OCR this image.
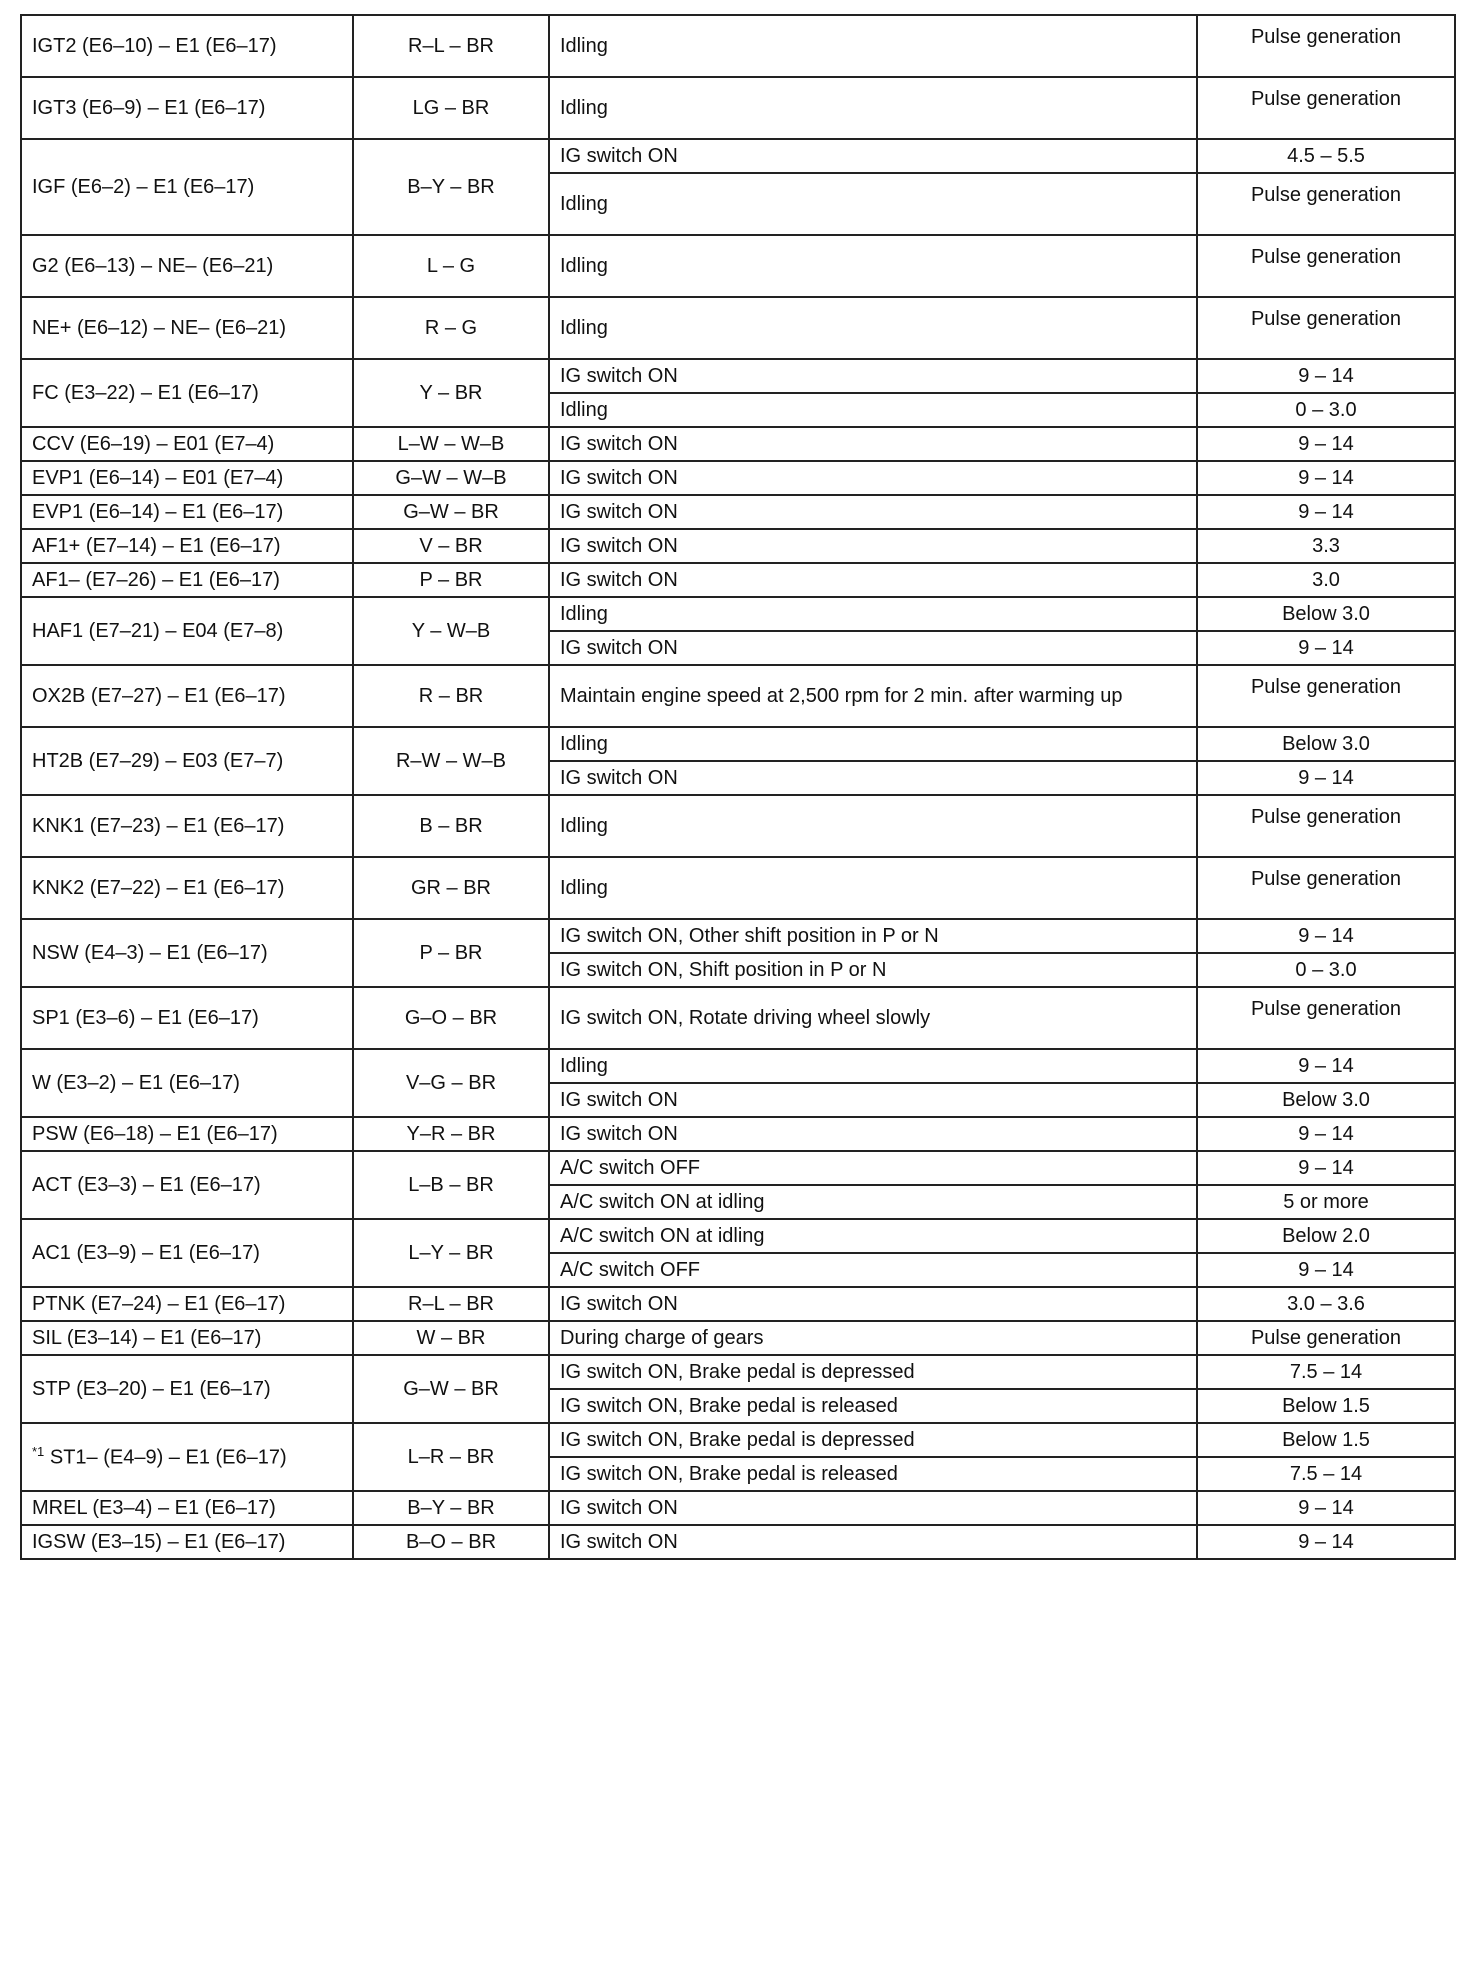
IGT2 (E6–10) – E1 (E6–17)	R–L – BR	Idling	Pulse generation
IGT3 (E6–9) – E1 (E6–17)	LG – BR	Idling	Pulse generation
IGF (E6–2) – E1 (E6–17)	B–Y – BR	IG switch ON	4.5 – 5.5
		Idling	Pulse generation
G2 (E6–13) – NE– (E6–21)	L – G	Idling	Pulse generation
NE+ (E6–12) – NE– (E6–21)	R – G	Idling	Pulse generation
FC (E3–22) – E1 (E6–17)	Y – BR	IG switch ON	9 – 14
		Idling	0 – 3.0
CCV (E6–19) – E01 (E7–4)	L–W – W–B	IG switch ON	9 – 14
EVP1 (E6–14) – E01 (E7–4)	G–W – W–B	IG switch ON	9 – 14
EVP1 (E6–14) – E1 (E6–17)	G–W – BR	IG switch ON	9 – 14
AF1+ (E7–14) – E1 (E6–17)	V – BR	IG switch ON	3.3
AF1– (E7–26) – E1 (E6–17)	P – BR	IG switch ON	3.0
HAF1 (E7–21) – E04 (E7–8)	Y – W–B	Idling	Below 3.0
		IG switch ON	9 – 14
OX2B (E7–27) – E1 (E6–17)	R – BR	Maintain engine speed at 2,500 rpm for 2 min. after warming up	Pulse generation
HT2B (E7–29) – E03 (E7–7)	R–W – W–B	Idling	Below 3.0
		IG switch ON	9 – 14
KNK1 (E7–23) – E1 (E6–17)	B – BR	Idling	Pulse generation
KNK2 (E7–22) – E1 (E6–17)	GR – BR	Idling	Pulse generation
NSW (E4–3) – E1 (E6–17)	P – BR	IG switch ON, Other shift position in P or N	9 – 14
		IG switch ON, Shift position in P or N	0 – 3.0
SP1 (E3–6) – E1 (E6–17)	G–O – BR	IG switch ON, Rotate driving wheel slowly	Pulse generation
W (E3–2) – E1 (E6–17)	V–G – BR	Idling	9 – 14
		IG switch ON	Below 3.0
PSW (E6–18) – E1 (E6–17)	Y–R – BR	IG switch ON	9 – 14
ACT (E3–3) – E1 (E6–17)	L–B – BR	A/C switch OFF	9 – 14
		A/C switch ON at idling	5 or more
AC1 (E3–9) – E1 (E6–17)	L–Y – BR	A/C switch ON at idling	Below 2.0
		A/C switch OFF	9 – 14
PTNK (E7–24) – E1 (E6–17)	R–L – BR	IG switch ON	3.0 – 3.6
SIL (E3–14) – E1 (E6–17)	W – BR	During charge of gears	Pulse generation
STP (E3–20) – E1 (E6–17)	G–W – BR	IG switch ON, Brake pedal is depressed	7.5 – 14
		IG switch ON, Brake pedal is released	Below 1.5
$^{*1}$ ST1– (E4–9) – E1 (E6–17)	L–R – BR	IG switch ON, Brake pedal is depressed	Below 1.5
		IG switch ON, Brake pedal is released	7.5 – 14
MREL (E3–4) – E1 (E6–17)	B–Y – BR	IG switch ON	9 – 14
IGSW (E3–15) – E1 (E6–17)	B–O – BR	IG switch ON	9 – 14
